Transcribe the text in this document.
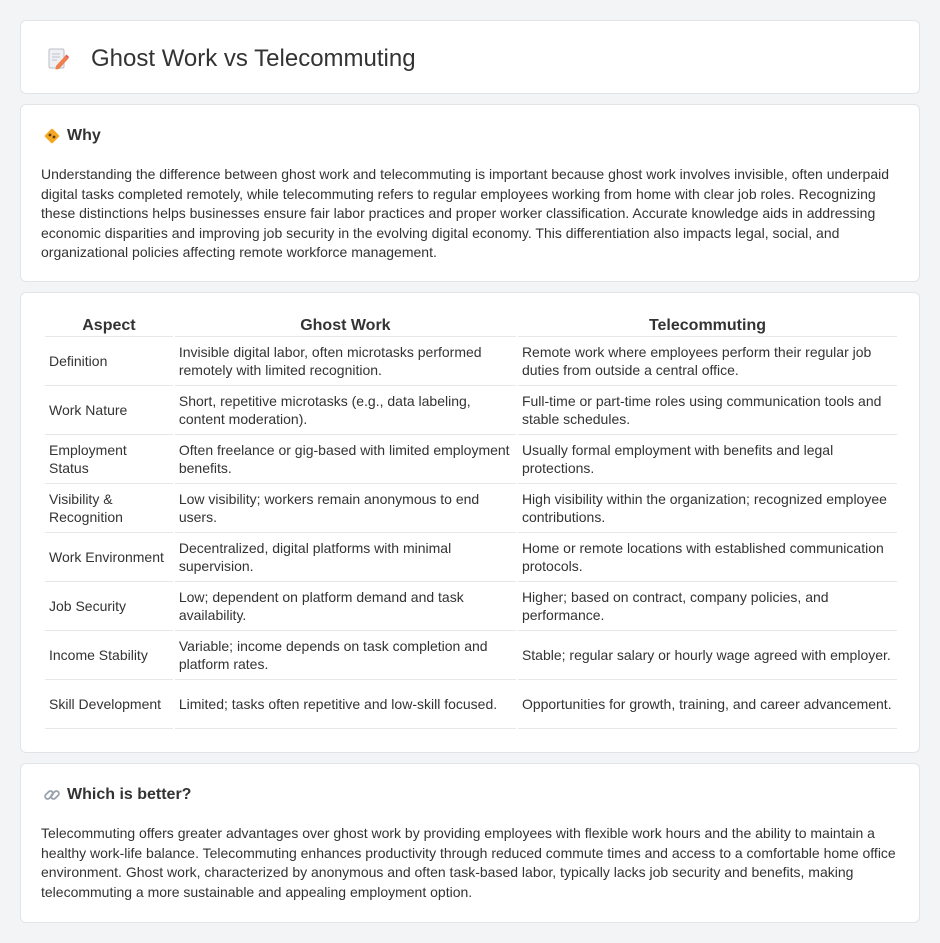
Ghost Work vs Telecommuting
Why

Understanding the difference between ghost work and telecommuting is important because ghost work involves invisible, often underpaid digital tasks completed remotely, while telecommuting refers to regular employees working from home with clear job roles. Recognizing these distinctions helps businesses ensure fair labor practices and proper worker classification. Accurate knowledge aids in addressing economic disparities and improving job security in the evolving digital economy. This differentiation also impacts legal, social, and organizational policies affecting remote workforce management.

Aspect	Ghost Work	Telecommuting
Definition	Invisible digital labor, often microtasks performed remotely with limited recognition.	Remote work where employees perform their regular job duties from outside a central office.
Work Nature	Short, repetitive microtasks (e.g., data labeling, content moderation).	Full-time or part-time roles using communication tools and stable schedules.
Employment Status	Often freelance or gig-based with limited employment benefits.	Usually formal employment with benefits and legal protections.
Visibility & Recognition	Low visibility; workers remain anonymous to end users.	High visibility within the organization; recognized employee contributions.
Work Environment	Decentralized, digital platforms with minimal supervision.	Home or remote locations with established communication protocols.
Job Security	Low; dependent on platform demand and task availability.	Higher; based on contract, company policies, and performance.
Income Stability	Variable; income depends on task completion and platform rates.	Stable; regular salary or hourly wage agreed with employer.
Skill Development	Limited; tasks often repetitive and low-skill focused.	Opportunities for growth, training, and career advancement.
Which is better?

Telecommuting offers greater advantages over ghost work by providing employees with flexible work hours and the ability to maintain a healthy work-life balance. Telecommuting enhances productivity through reduced commute times and access to a comfortable home office environment. Ghost work, characterized by anonymous and often task-based labor, typically lacks job security and benefits, making telecommuting a more sustainable and appealing employment option.
